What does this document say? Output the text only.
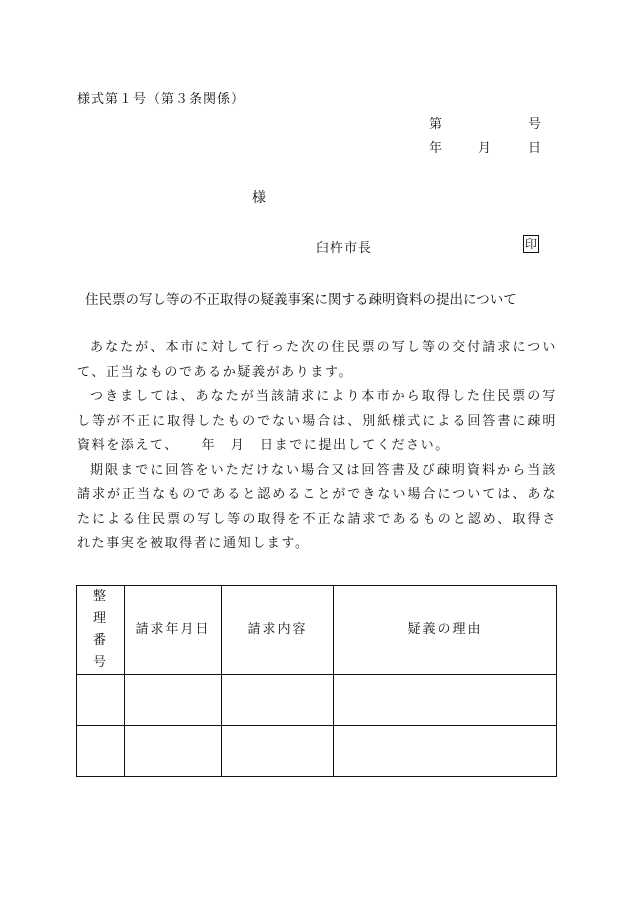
様式第１号（第３条関係）
第	号
年	月	日
様
臼杵市長	印
住民票の写し等の不正取得の疑義事案に関する疎明資料の提出について

あなたが、本市に対して行った次の住民票の写し等の交付請求について、正当なものであるか疑義があります。

つきましては、あなたが当該請求により本市から取得した住民票の写し等が不正に取得したものでない場合は、別紙様式による回答書に疎明資料を添えて、　　年　月　日までに提出してください。

期限までに回答をいただけない場合又は回答書及び疎明資料から当該請求が正当なものであると認めることができない場合については、あなたによる住民票の写し等の取得を不正な請求であるものと認め、取得された事実を被取得者に通知します。

整理番号	請求年月日	請求内容	疑義の理由
